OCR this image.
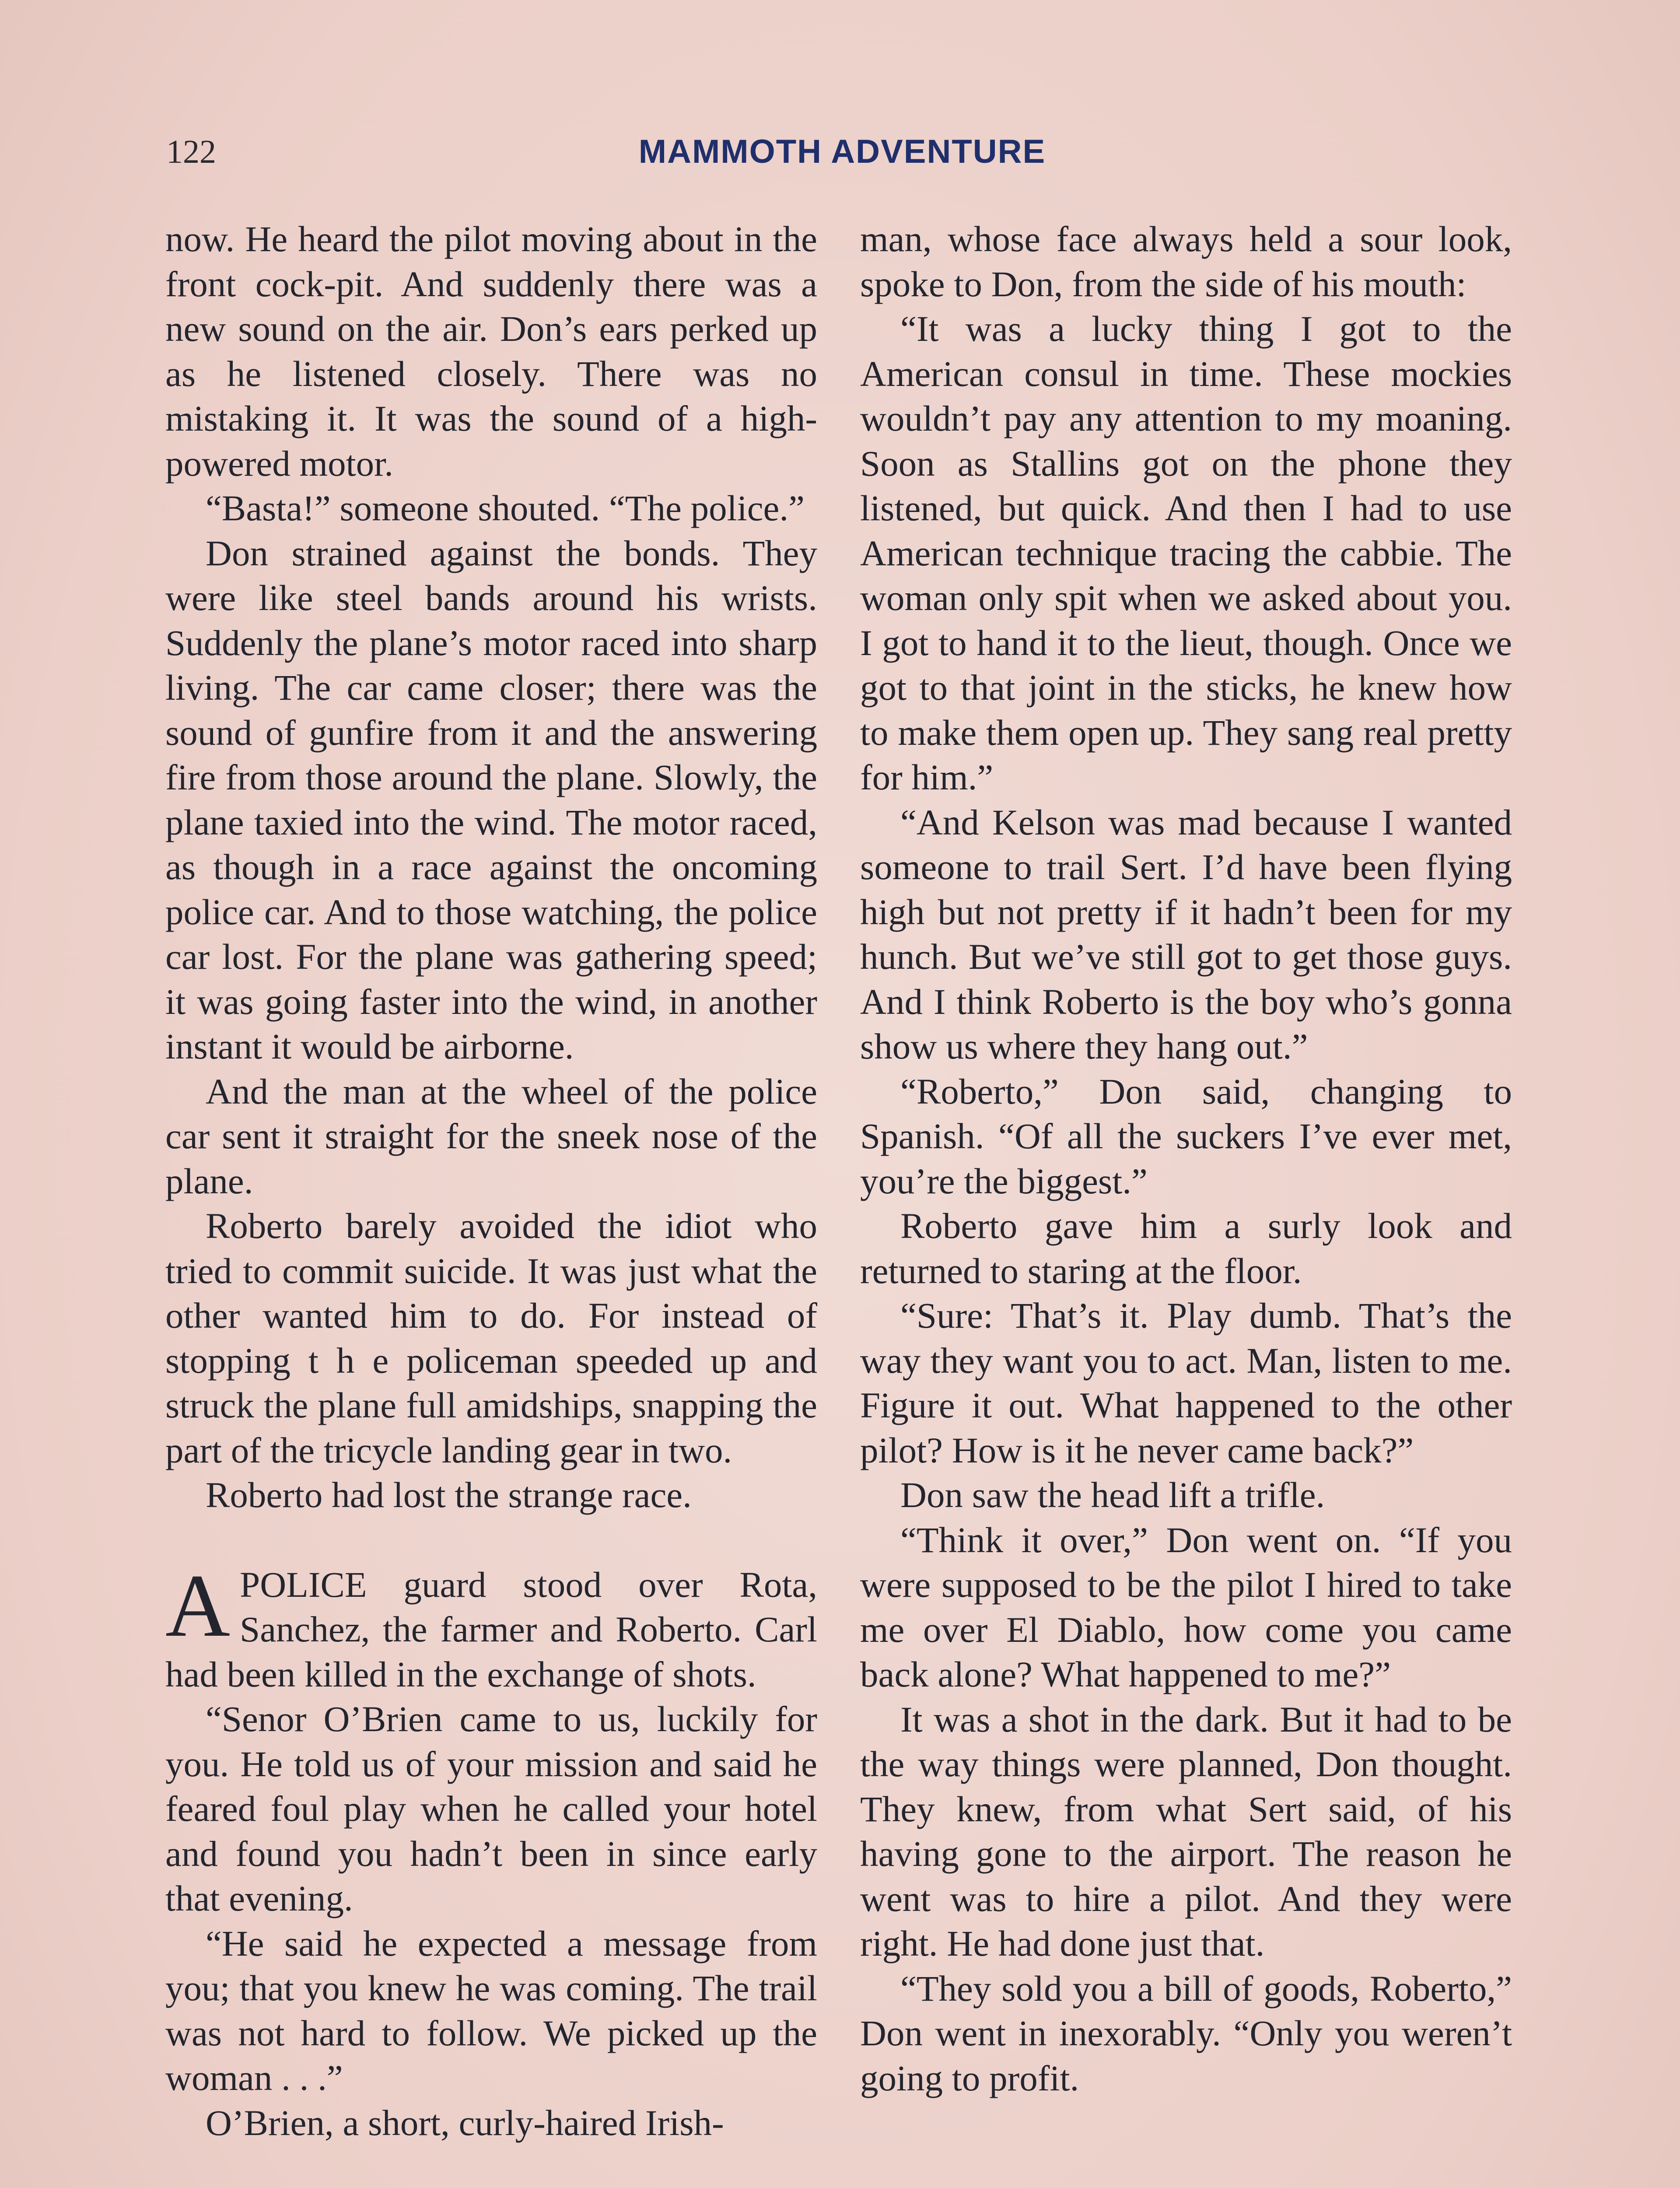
122	MAMMOTH ADVENTURE

now. He heard the pilot moving about in the front cock-pit. And suddenly there was a new sound on the air. Don’s ears perked up as he listened closely. There was no mistaking it. It was the sound of a high-powered motor.

“Basta!” someone shouted. “The police.”

Don strained against the bonds. They were like steel bands around his wrists. Suddenly the plane’s motor raced into sharp living. The car came closer; there was the sound of gunfire from it and the answering fire from those around the plane. Slowly, the plane taxied into the wind. The motor raced, as though in a race against the oncoming police car. And to those watching, the police car lost. For the plane was gathering speed; it was going faster into the wind, in another instant it would be airborne.

And the man at the wheel of the police car sent it straight for the sneek nose of the plane.

Roberto barely avoided the idiot who tried to commit suicide. It was just what the other wanted him to do. For instead of stopping t h e policeman speeded up and struck the plane full amidships, snapping the part of the tricycle landing gear in two.

Roberto had lost the strange race.

APOLICE guard stood over Rota, Sanchez, the farmer and Roberto. Carl had been killed in the exchange of shots.

“Senor O’Brien came to us, luckily for you. He told us of your mission and said he feared foul play when he called your hotel and found you hadn’t been in since early that evening.

“He said he expected a message from you; that you knew he was coming. The trail was not hard to follow. We picked up the woman . . .”

O’Brien, a short, curly-haired Irish-

man, whose face always held a sour look, spoke to Don, from the side of his mouth:

“It was a lucky thing I got to the American consul in time. These mockies wouldn’t pay any attention to my moaning. Soon as Stallins got on the phone they listened, but quick. And then I had to use American technique tracing the cabbie. The woman only spit when we asked about you. I got to hand it to the lieut, though. Once we got to that joint in the sticks, he knew how to make them open up. They sang real pretty for him.”

“And Kelson was mad because I wanted someone to trail Sert. I’d have been flying high but not pretty if it hadn’t been for my hunch. But we’ve still got to get those guys. And I think Roberto is the boy who’s gonna show us where they hang out.”

“Roberto,” Don said, changing to Spanish. “Of all the suckers I’ve ever met, you’re the biggest.”

Roberto gave him a surly look and returned to staring at the floor.

“Sure: That’s it. Play dumb. That’s the way they want you to act. Man, listen to me. Figure it out. What happened to the other pilot? How is it he never came back?”

Don saw the head lift a trifle.

“Think it over,” Don went on. “If you were supposed to be the pilot I hired to take me over El Diablo, how come you came back alone? What happened to me?”

It was a shot in the dark. But it had to be the way things were planned, Don thought. They knew, from what Sert said, of his having gone to the airport. The reason he went was to hire a pilot. And they were right. He had done just that.

“They sold you a bill of goods, Roberto,” Don went in inexorably. “Only you weren’t going to profit.
